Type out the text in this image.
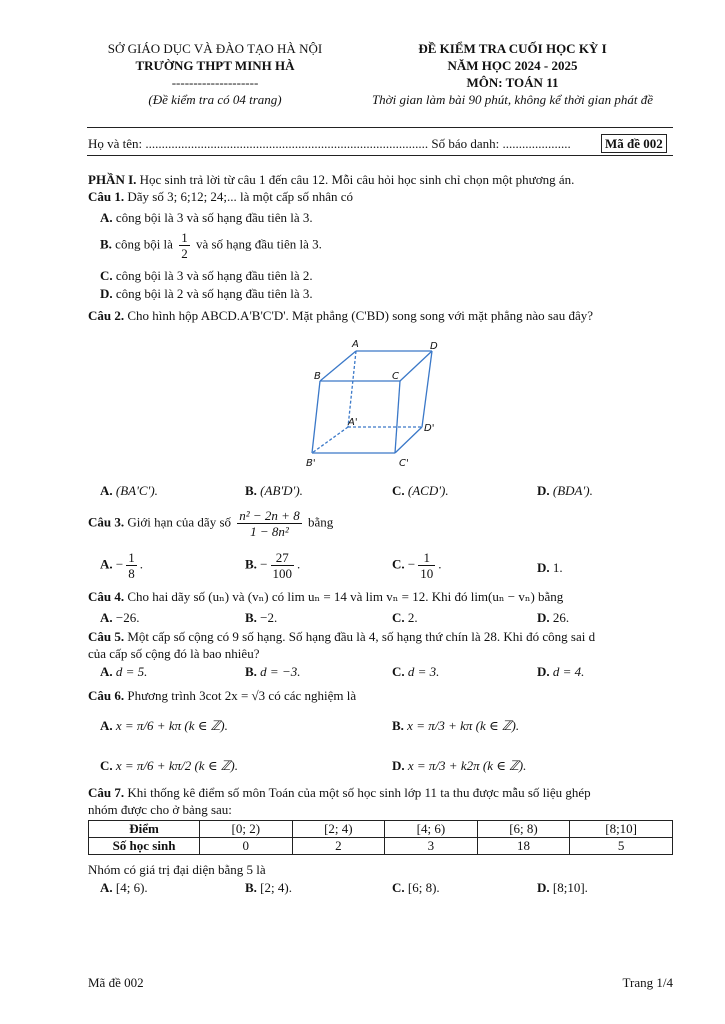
SỞ GIÁO DỤC VÀ ĐÀO TẠO HÀ NỘI
TRƯỜNG THPT MINH HÀ
--------------------
(Đề kiểm tra có 04 trang)
ĐỀ KIỂM TRA CUỐI HỌC KỲ I
NĂM HỌC 2024 - 2025
MÔN: TOÁN 11
Thời gian làm bài 90 phút, không kể thời gian phát đề
Họ và tên: ....................................................................................... Số báo danh: .....................	Mã đề 002
PHẦN I. Học sinh trả lời từ câu 1 đến câu 12. Mỗi câu hỏi học sinh chỉ chọn một phương án.
Câu 1. Dãy số 3; 6;12; 24;... là một cấp số nhân có
A. công bội là 3 và số hạng đầu tiên là 3.
B. công bội là $\frac{1}{2}$ và số hạng đầu tiên là 3.
C. công bội là 3 và số hạng đầu tiên là 2.
D. công bội là 2 và số hạng đầu tiên là 3.
Câu 2. Cho hình hộp ABCD.A'B'C'D'. Mặt phẳng (C'BD) song song với mặt phẳng nào sau đây?
A	D
B	C
A'
D'
B'	C'
A. (BA'C').	B. (AB'D').	C. (ACD').	D. (BDA').
Câu 3. Giới hạn của dãy số $\frac{\text{n² − 2n + 8}}{\text{1 − 8n²}}$ bằng
A. − $\frac{1}{8}$ .	B. − $\frac{27}{100}$ .	C. − $\frac{1}{10}$ .	D. 1.
Câu 4. Cho hai dãy số (uₙ) và (vₙ) có lim uₙ = 14 và lim vₙ = 12. Khi đó lim(uₙ − vₙ) bằng
A. −26.	B. −2.	C. 2.	D. 26.
Câu 5. Một cấp số cộng có 9 số hạng. Số hạng đầu là 4, số hạng thứ chín là 28. Khi đó công sai d
của cấp số cộng đó là bao nhiêu?
A. d = 5.	B. d = −3.	C. d = 3.	D. d = 4.
Câu 6. Phương trình 3cot 2x = √3 có các nghiệm là
A. x = π/6 + kπ (k ∈ ℤ).	B. x = π/3 + kπ (k ∈ ℤ).
C. x = π/6 + kπ/2 (k ∈ ℤ).	D. x = π/3 + k2π (k ∈ ℤ).
Câu 7. Khi thống kê điểm số môn Toán của một số học sinh lớp 11 ta thu được mẫu số liệu ghép
nhóm được cho ở bảng sau:
Điểm	[0; 2)	[2; 4)	[4; 6)	[6; 8)	[8;10]
Số học sinh	0	2	3	18	5
Nhóm có giá trị đại diện bằng 5 là
A. [4; 6).	B. [2; 4).	C. [6; 8).	D. [8;10].
Mã đề 002	Trang 1/4
